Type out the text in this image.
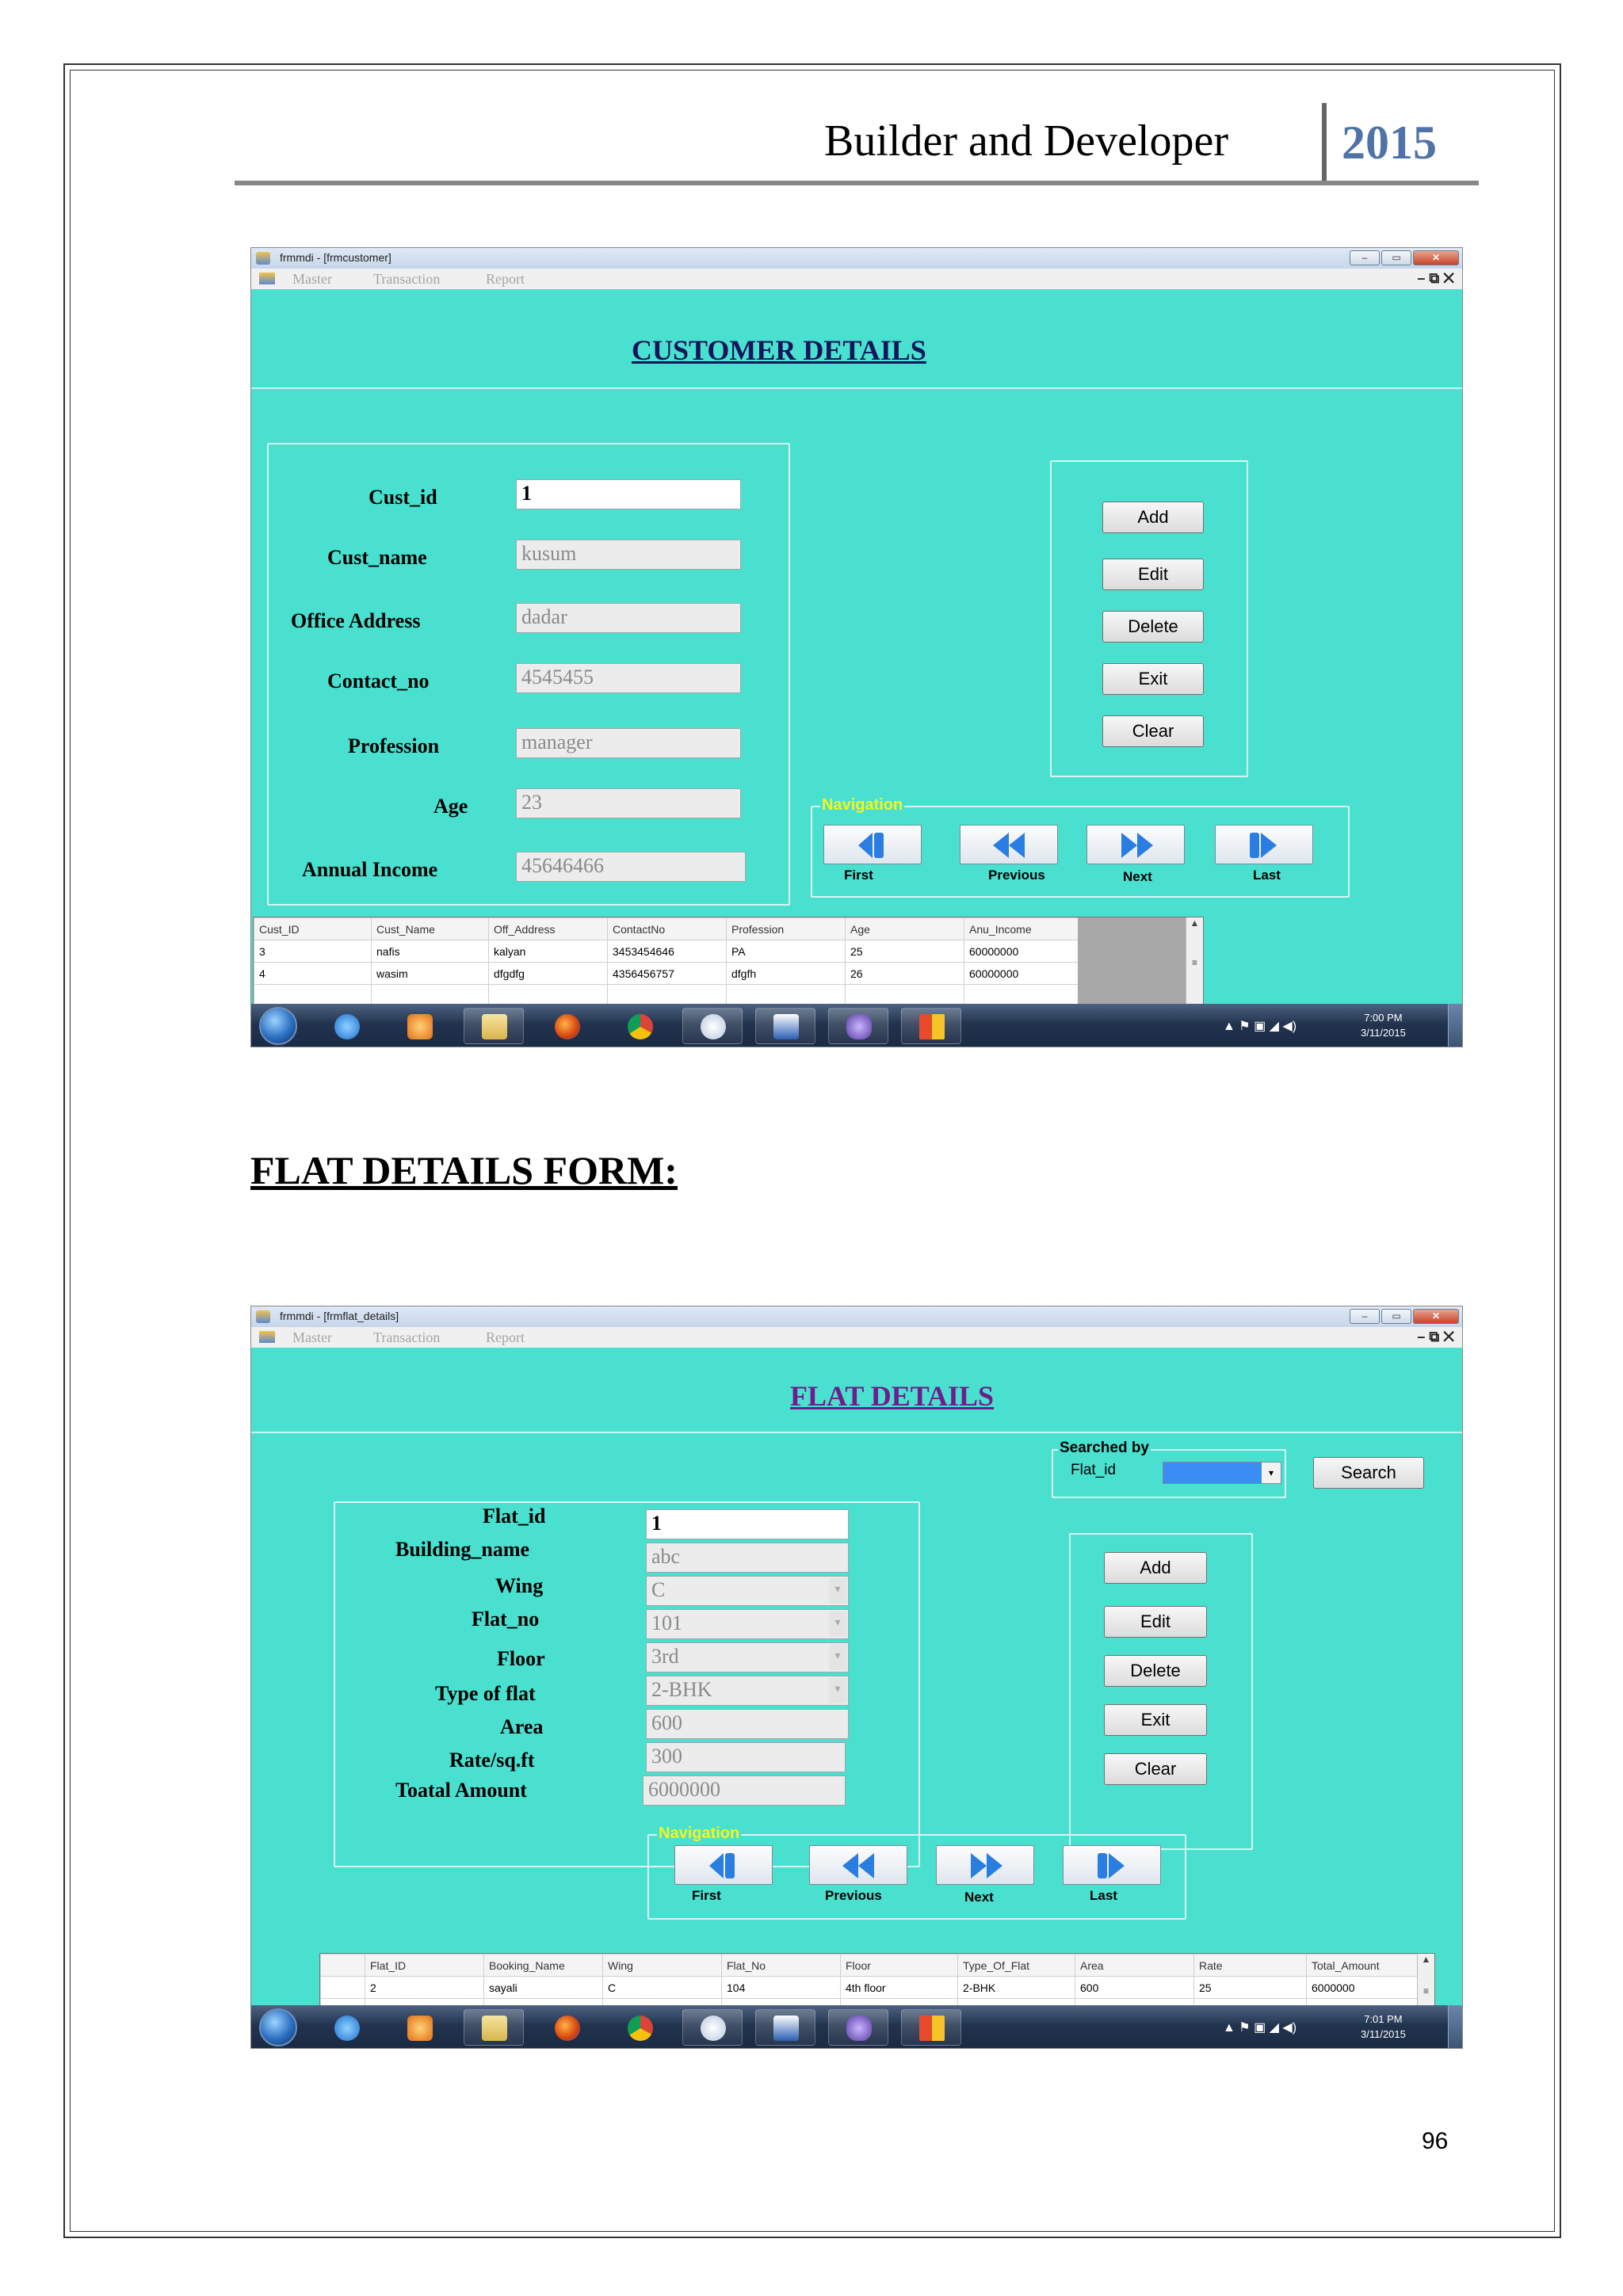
Builder and Developer 2015
frmmdi - [frmcustomer]	–	▭	✕
Master	Transaction	Report	– ⧉ ✕
CUSTOMER DETAILS
Cust_id	1
Cust_name	kusum
Office Address	dadar
Contact_no	4545455
Profession	manager
Age	23
Annual Income	45646466
Add
Edit
Delete
Exit
Clear
Navigation
First	Previous	Next	Last
Cust_ID	Cust_Name	Off_Address	ContactNo	Profession	Age	Anu_Income
3	nafis	kalyan	3453454646	PA	25	60000000
4	wasim	dfgdfg	4356456757	dfgfh	26	60000000

▲
≡
▲ ⚑ ▣ ◢ ◀)
7:00 PM
3/11/2015
FLAT DETAILS FORM:
frmmdi - [frmflat_details]	–	▭	✕
Master	Transaction	Report	– ⧉ ✕
FLAT DETAILS
Searched by
Flat_id	▾	Search
Flat_id	1
Building_name	abc
Wing	C	▾
Flat_no	101	▾
Floor	3rd	▾
Type of flat	2-BHK	▾
Area	600
Rate/sq.ft	300
Toatal Amount	6000000
Add
Edit
Delete
Exit
Clear
Navigation
First	Previous	Next	Last
	Flat_ID	Booking_Name	Wing	Flat_No	Floor	Type_Of_Flat	Area	Rate	Total_Amount
	2	sayali	C	104	4th floor	2-BHK	600	25	6000000

▲
≡
▲ ⚑ ▣ ◢ ◀)
7:01 PM
3/11/2015
96
